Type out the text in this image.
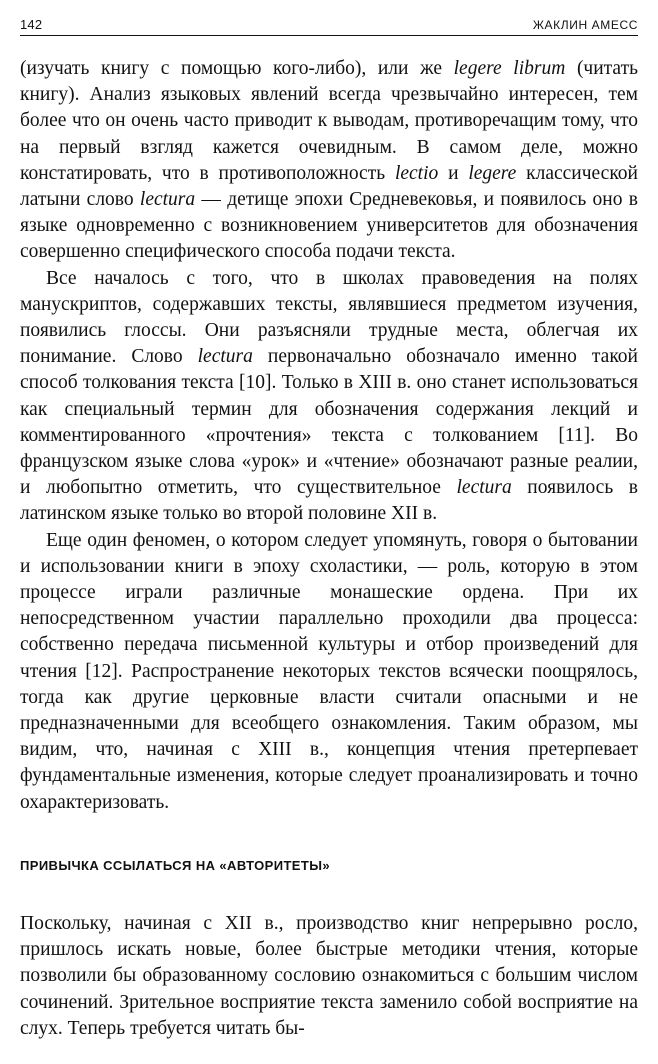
142	ЖАКЛИН АМЕСС

(изучать книгу с помощью кого-либо), или же legere librum (читать книгу). Анализ языковых явлений всегда чрезвычайно интересен, тем более что он очень часто приводит к выводам, противоречащим тому, что на первый взгляд кажется очевидным. В самом деле, можно констатировать, что в противоположность lectio и legere классической латыни слово lectura — детище эпохи Средневековья, и появилось оно в языке одновременно с возникновением университетов для обозначения совершенно специфического способа подачи текста.

Все началось с того, что в школах правоведения на полях манускриптов, содержавших тексты, являвшиеся предметом изучения, появились глоссы. Они разъясняли трудные места, облегчая их понимание. Слово lectura первоначально обозначало именно такой способ толкования текста [10]. Только в XIII в. оно станет использоваться как специальный термин для обозначения содержания лекций и комментированного «прочтения» текста с толкованием [11]. Во французском языке слова «урок» и «чтение» обозначают разные реалии, и любопытно отметить, что существительное lectura появилось в латинском языке только во второй половине XII в.

Еще один феномен, о котором следует упомянуть, говоря о бытовании и использовании книги в эпоху схоластики, — роль, которую в этом процессе играли различные монашеские ордена. При их непосредственном участии параллельно проходили два процесса: собственно передача письменной культуры и отбор произведений для чтения [12]. Распространение некоторых текстов всячески поощрялось, тогда как другие церковные власти считали опасными и не предназначенными для всеобщего ознакомления. Таким образом, мы видим, что, начиная с XIII в., концепция чтения претерпевает фундаментальные изменения, которые следует проанализировать и точно охарактеризовать.

ПРИВЫЧКА ССЫЛАТЬСЯ НА «АВТОРИТЕТЫ»

Поскольку, начиная с XII в., производство книг непрерывно росло, пришлось искать новые, более быстрые методики чтения, которые позволили бы образованному сословию ознакомиться с большим числом сочинений. Зрительное восприятие текста заменило собой восприятие на слух. Теперь требуется читать бы-
